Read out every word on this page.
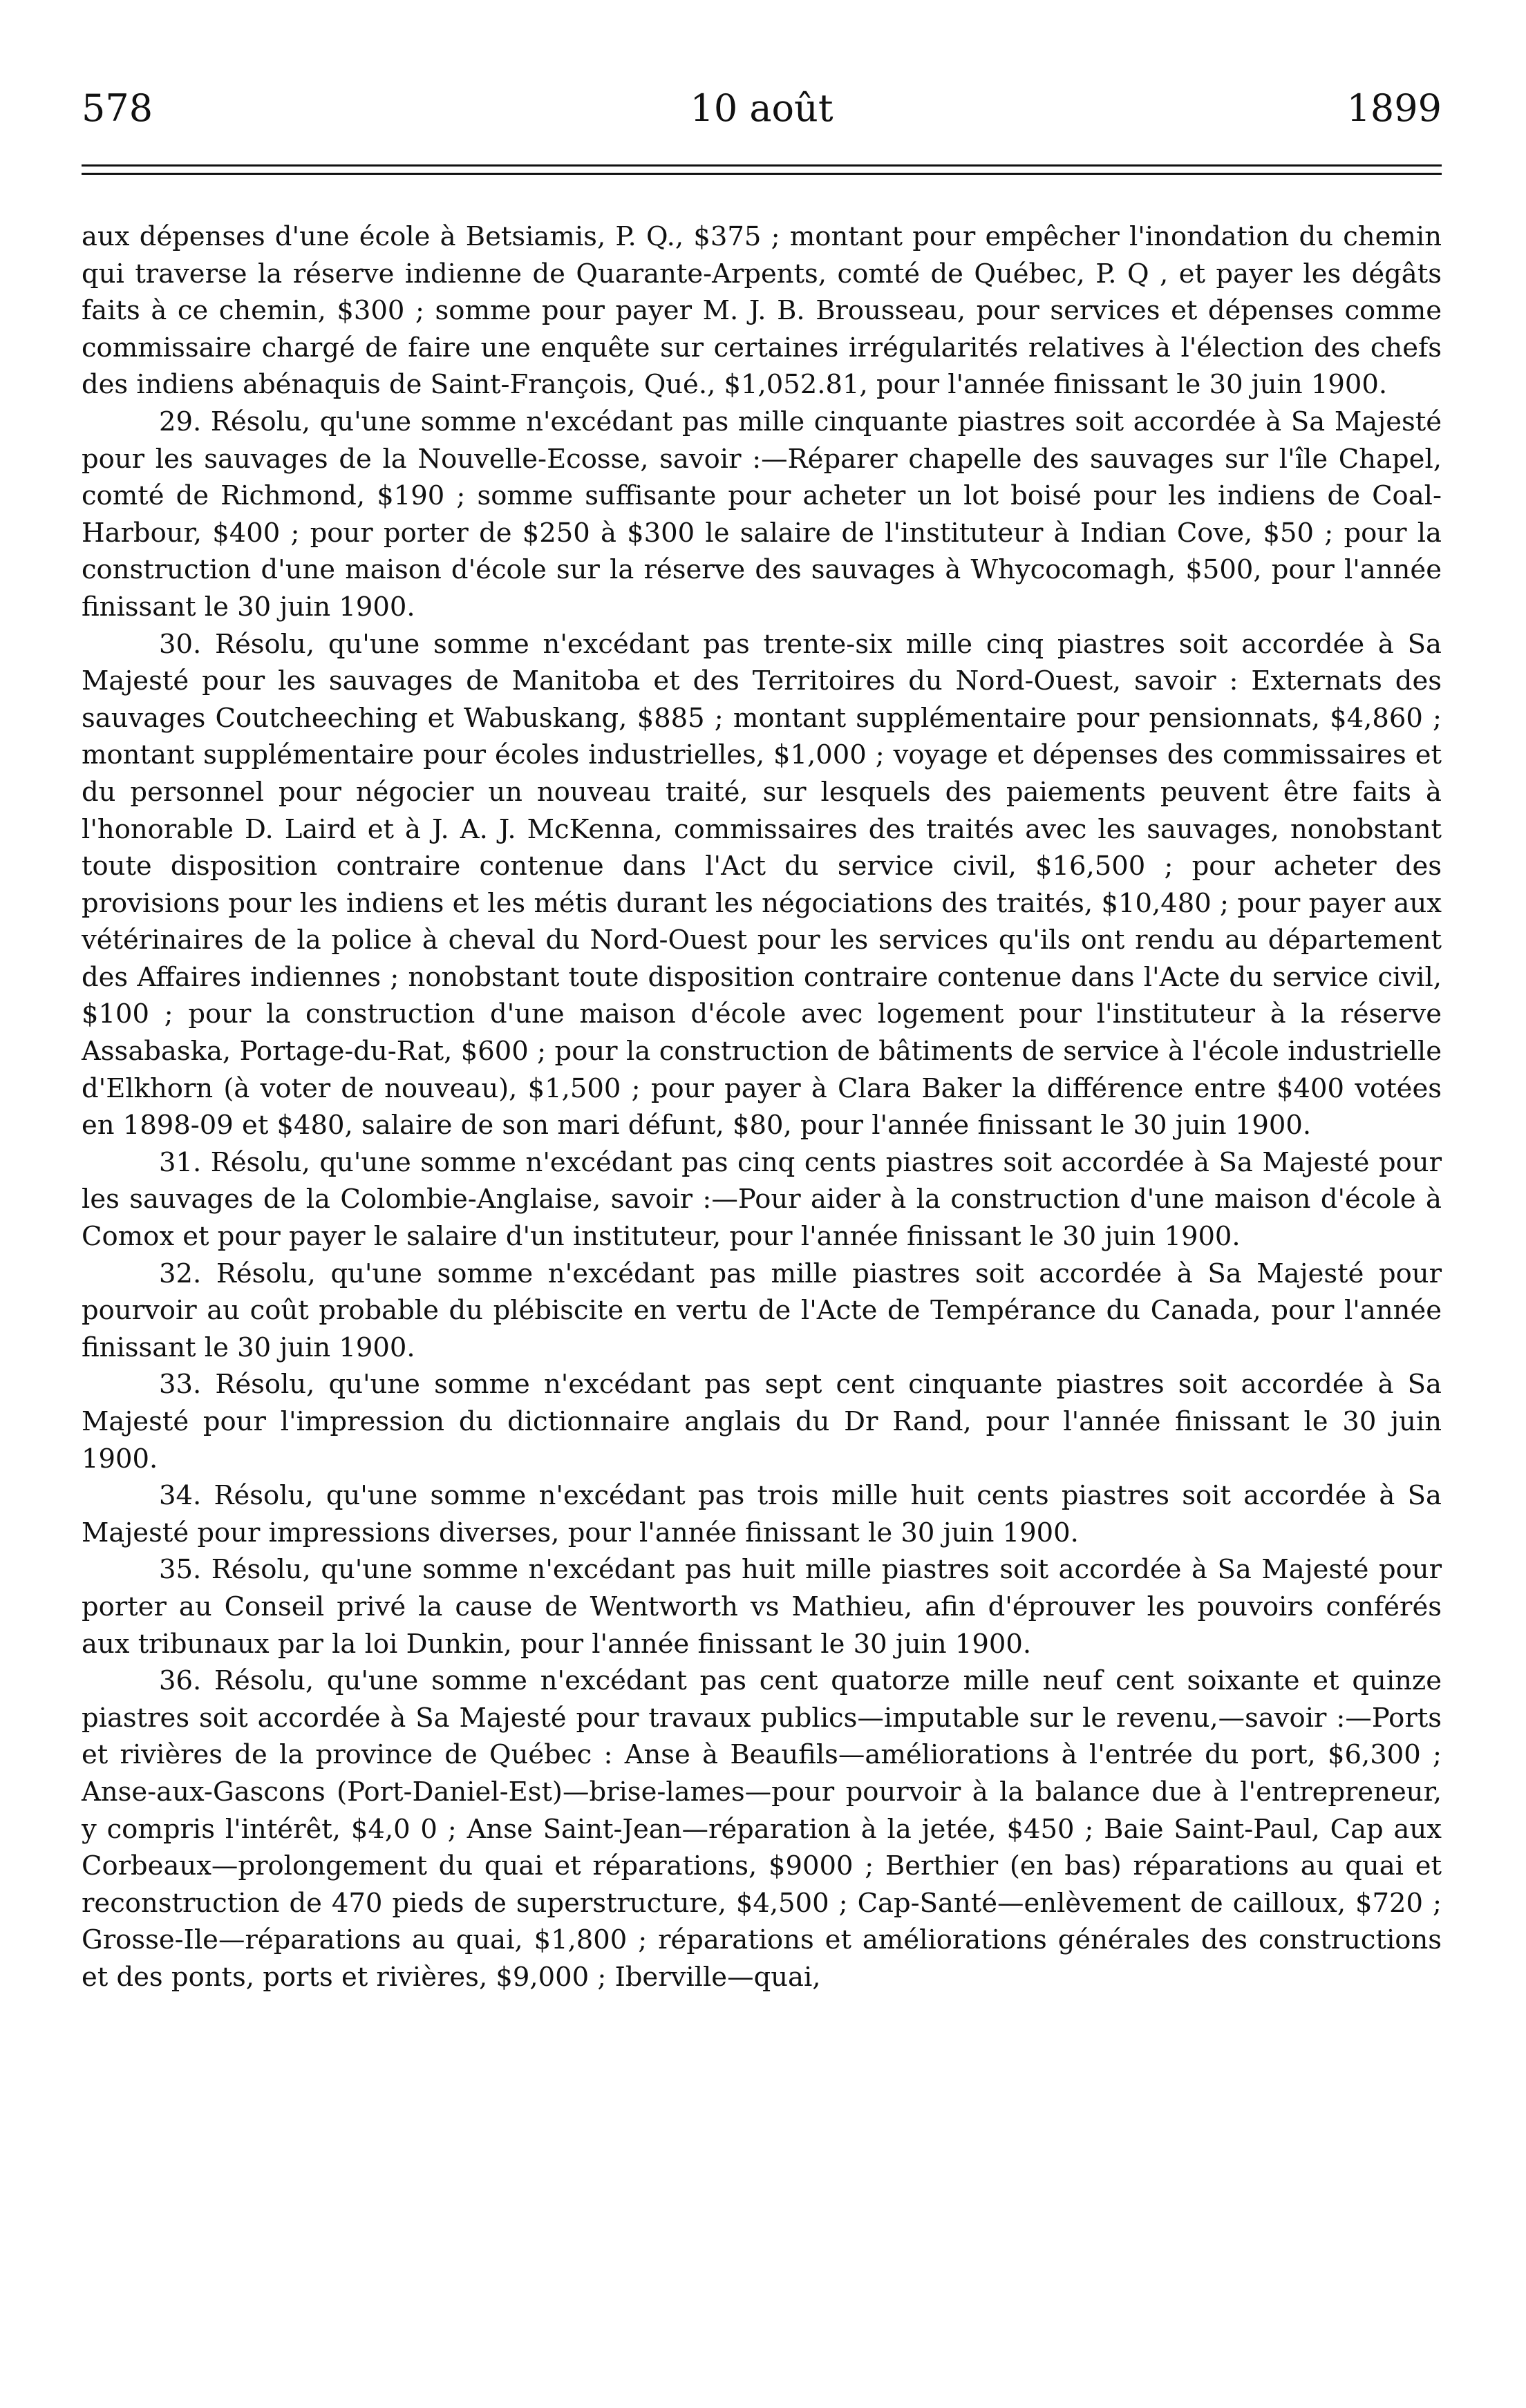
578	10 août	1899

aux dépenses d'une école à Betsiamis, P. Q., $375 ; montant pour empêcher l'inondation du chemin qui traverse la réserve indienne de Quarante-Arpents, comté de Québec, P. Q , et payer les dégâts faits à ce chemin, $300 ; somme pour payer M. J. B. Brousseau, pour services et dépenses comme commissaire chargé de faire une enquête sur certaines irrégularités relatives à l'élection des chefs des indiens abénaquis de Saint-François, Qué., $1,052.81, pour l'année finissant le 30 juin 1900.

29. Résolu, qu'une somme n'excédant pas mille cinquante piastres soit accordée à Sa Majesté pour les sauvages de la Nouvelle-Ecosse, savoir :—Réparer chapelle des sauvages sur l'île Chapel, comté de Richmond, $190 ; somme suffisante pour acheter un lot boisé pour les indiens de Coal-Harbour, $400 ; pour porter de $250 à $300 le salaire de l'instituteur à Indian Cove, $50 ; pour la construction d'une maison d'école sur la réserve des sauvages à Whycocomagh, $500, pour l'année finissant le 30 juin 1900.

30. Résolu, qu'une somme n'excédant pas trente-six mille cinq piastres soit accordée à Sa Majesté pour les sauvages de Manitoba et des Territoires du Nord-Ouest, savoir : Externats des sauvages Coutcheeching et Wabuskang, $885 ; montant supplémentaire pour pensionnats, $4,860 ; montant supplémentaire pour écoles industrielles, $1,000 ; voyage et dépenses des commissaires et du personnel pour négocier un nouveau traité, sur lesquels des paiements peuvent être faits à l'honorable D. Laird et à J. A. J. McKenna, commissaires des traités avec les sauvages, nonobstant toute disposition contraire contenue dans l'Act du service civil, $16,500 ; pour acheter des provisions pour les indiens et les métis durant les négociations des traités, $10,480 ; pour payer aux vétérinaires de la police à cheval du Nord-Ouest pour les services qu'ils ont rendu au département des Affaires indiennes ; nonobstant toute disposition contraire contenue dans l'Acte du service civil, $100 ; pour la construction d'une maison d'école avec logement pour l'instituteur à la réserve Assabaska, Portage-du-Rat, $600 ; pour la construction de bâtiments de service à l'école industrielle d'Elkhorn (à voter de nouveau), $1,500 ; pour payer à Clara Baker la différence entre $400 votées en 1898-09 et $480, salaire de son mari défunt, $80, pour l'année finissant le 30 juin 1900.

31. Résolu, qu'une somme n'excédant pas cinq cents piastres soit accordée à Sa Majesté pour les sauvages de la Colombie-Anglaise, savoir :—Pour aider à la construction d'une maison d'école à Comox et pour payer le salaire d'un instituteur, pour l'année finissant le 30 juin 1900.

32. Résolu, qu'une somme n'excédant pas mille piastres soit accordée à Sa Majesté pour pourvoir au coût probable du plébiscite en vertu de l'Acte de Tempérance du Canada, pour l'année finissant le 30 juin 1900.

33. Résolu, qu'une somme n'excédant pas sept cent cinquante piastres soit accordée à Sa Majesté pour l'impression du dictionnaire anglais du Dr Rand, pour l'année finissant le 30 juin 1900.

34. Résolu, qu'une somme n'excédant pas trois mille huit cents piastres soit accordée à Sa Majesté pour impressions diverses, pour l'année finissant le 30 juin 1900.

35. Résolu, qu'une somme n'excédant pas huit mille piastres soit accordée à Sa Majesté pour porter au Conseil privé la cause de Wentworth vs Mathieu, afin d'éprouver les pouvoirs conférés aux tribunaux par la loi Dunkin, pour l'année finissant le 30 juin 1900.

36. Résolu, qu'une somme n'excédant pas cent quatorze mille neuf cent soixante et quinze piastres soit accordée à Sa Majesté pour travaux publics—imputable sur le revenu,—savoir :—Ports et rivières de la province de Québec : Anse à Beaufils—améliorations à l'entrée du port, $6,300 ; Anse-aux-Gascons (Port-Daniel-Est)—brise-lames—pour pourvoir à la balance due à l'entrepreneur, y compris l'intérêt, $4,0 0 ; Anse Saint-Jean—réparation à la jetée, $450 ; Baie Saint-Paul, Cap aux Corbeaux—prolongement du quai et réparations, $9000 ; Berthier (en bas) réparations au quai et reconstruction de 470 pieds de superstructure, $4,500 ; Cap-Santé—enlèvement de cailloux, $720 ; Grosse-Ile—réparations au quai, $1,800 ; réparations et améliorations générales des constructions et des ponts, ports et rivières, $9,000 ; Iberville—quai,
